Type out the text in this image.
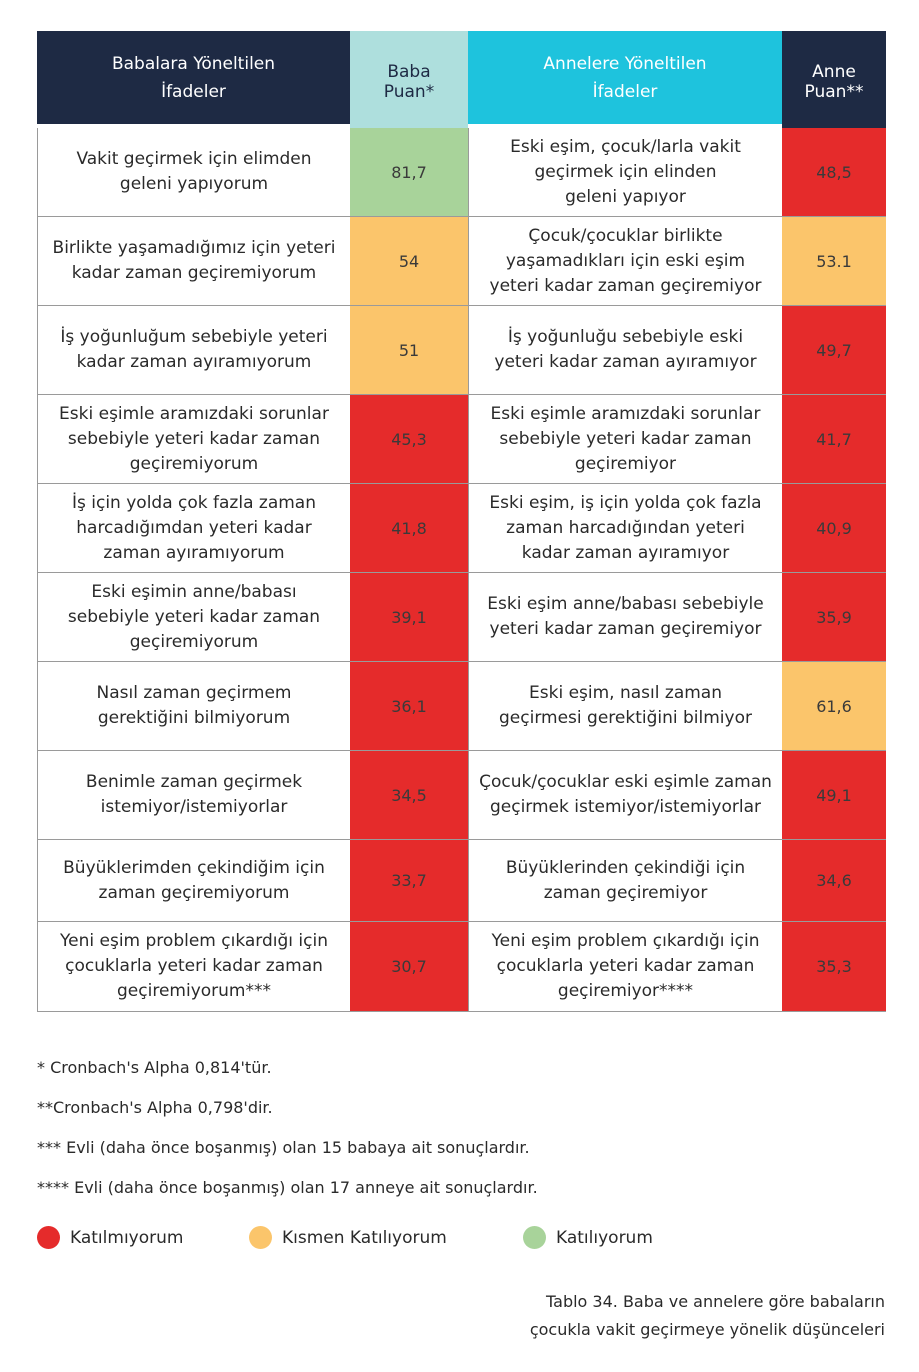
Babalara Yöneltilen
İfadeler
Baba
Puan*
Annelere Yöneltilen
İfadeler
Anne
Puan**
Vakit geçirmek için elimden
geleni yapıyorum
81,7
Eski eşim, çocuk/larla vakit
geçirmek için elinden
geleni yapıyor
48,5
Birlikte yaşamadığımız için yeteri
kadar zaman geçiremiyorum
54
Çocuk/çocuklar birlikte
yaşamadıkları için eski eşim
yeteri kadar zaman geçiremiyor
53.1
İş yoğunluğum sebebiyle yeteri
kadar zaman ayıramıyorum
51
İş yoğunluğu sebebiyle eski
yeteri kadar zaman ayıramıyor
49,7
Eski eşimle aramızdaki sorunlar
sebebiyle yeteri kadar zaman
geçiremiyorum
45,3
Eski eşimle aramızdaki sorunlar
sebebiyle yeteri kadar zaman
geçiremiyor
41,7
İş için yolda çok fazla zaman
harcadığımdan yeteri kadar
zaman ayıramıyorum
41,8
Eski eşim, iş için yolda çok fazla
zaman harcadığından yeteri
kadar zaman ayıramıyor
40,9
Eski eşimin anne/babası
sebebiyle yeteri kadar zaman
geçiremiyorum
39,1
Eski eşim anne/babası sebebiyle
yeteri kadar zaman geçiremiyor
35,9
Nasıl zaman geçirmem
gerektiğini bilmiyorum
36,1
Eski eşim, nasıl zaman
geçirmesi gerektiğini bilmiyor
61,6
Benimle zaman geçirmek
istemiyor/istemiyorlar
34,5
Çocuk/çocuklar eski eşimle zaman
geçirmek istemiyor/istemiyorlar
49,1
Büyüklerimden çekindiğim için
zaman geçiremiyorum
33,7
Büyüklerinden çekindiği için
zaman geçiremiyor
34,6
Yeni eşim problem çıkardığı için
çocuklarla yeteri kadar zaman
geçiremiyorum***
30,7
Yeni eşim problem çıkardığı için
çocuklarla yeteri kadar zaman
geçiremiyor****
35,3
* Cronbach's Alpha 0,814'tür.
**Cronbach's Alpha 0,798'dir.
*** Evli (daha önce boşanmış) olan 15 babaya ait sonuçlardır.
**** Evli (daha önce boşanmış) olan 17 anneye ait sonuçlardır.
Katılmıyorum	Kısmen Katılıyorum	Katılıyorum
Tablo 34. Baba ve annelere göre babaların
çocukla vakit geçirmeye yönelik düşünceleri
